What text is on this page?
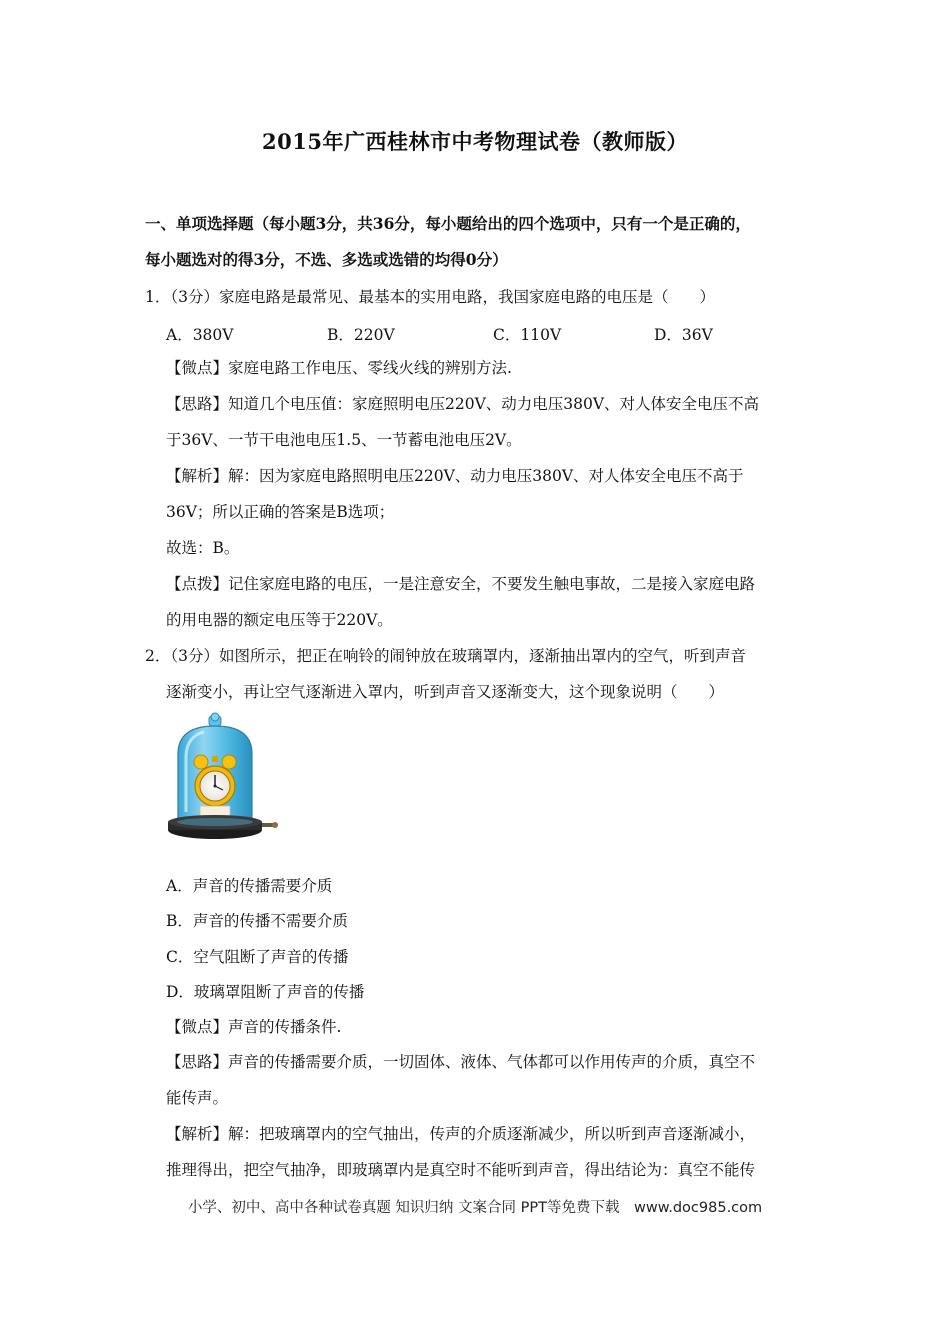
2015年广西桂林市中考物理试卷（教师版）
一、单项选择题（每小题3分，共36分，每小题给出的四个选项中，只有一个是正确的，
每小题选对的得3分，不选、多选或选错的均得0分）
1．（3分）家庭电路是最常见、最基本的实用电路，我国家庭电路的电压是（　　）
A．380V	B．220V	C．110V	D．36V
【微点】家庭电路工作电压、零线火线的辨别方法.
【思路】知道几个电压值：家庭照明电压220V、动力电压380V、对人体安全电压不高
于36V、一节干电池电压1.5、一节蓄电池电压2V。
【解析】解：因为家庭电路照明电压220V、动力电压380V、对人体安全电压不高于
36V；所以正确的答案是B选项；
故选：B。
【点拨】记住家庭电路的电压，一是注意安全，不要发生触电事故，二是接入家庭电路
的用电器的额定电压等于220V。
2．（3分）如图所示，把正在响铃的闹钟放在玻璃罩内，逐渐抽出罩内的空气，听到声音
逐渐变小，再让空气逐渐进入罩内，听到声音又逐渐变大，这个现象说明（　　）
A．声音的传播需要介质
B．声音的传播不需要介质
C．空气阻断了声音的传播
D．玻璃罩阻断了声音的传播
【微点】声音的传播条件.
【思路】声音的传播需要介质，一切固体、液体、气体都可以作用传声的介质，真空不
能传声。
【解析】解：把玻璃罩内的空气抽出，传声的介质逐渐减少，所以听到声音逐渐减小，
推理得出，把空气抽净，即玻璃罩内是真空时不能听到声音，得出结论为：真空不能传
小学、初中、高中各种试卷真题 知识归纳 文案合同 PPT等免费下载　www.doc985.com
